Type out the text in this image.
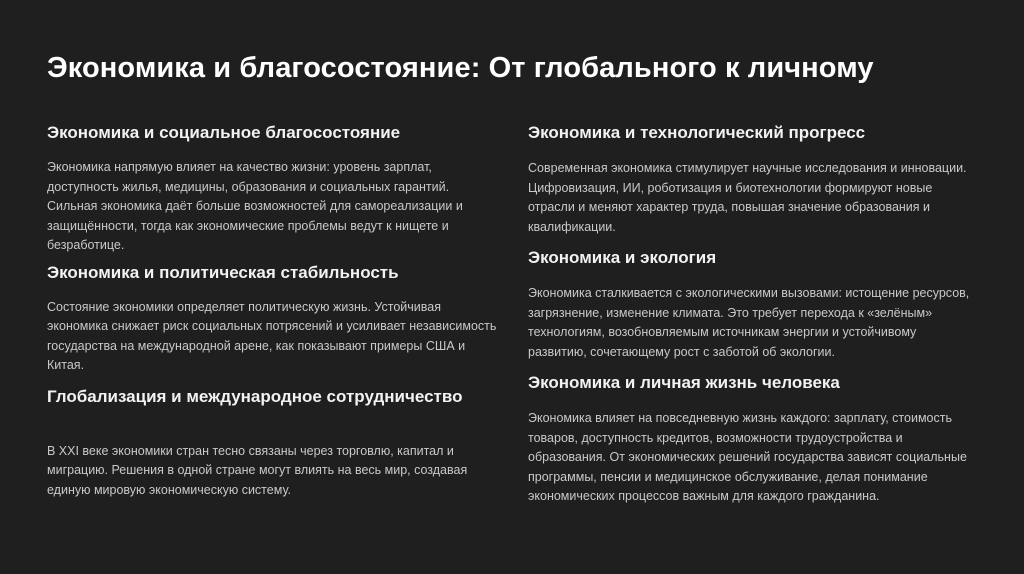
Экономика и благосостояние: От глобального к личному
Экономика и социальное благосостояние

Экономика напрямую влияет на качество жизни: уровень зарплат, доступность жилья, медицины, образования и социальных гарантий. Сильная экономика даёт больше возможностей для самореализации и защищённости, тогда как экономические проблемы ведут к нищете и безработице.

Экономика и политическая стабильность

Состояние экономики определяет политическую жизнь. Устойчивая экономика снижает риск социальных потрясений и усиливает независимость государства на международной арене, как показывают примеры США и Китая.

Глобализация и международное сотрудничество

В XXI веке экономики стран тесно связаны через торговлю, капитал и миграцию. Решения в одной стране могут влиять на весь мир, создавая единую мировую экономическую систему.

Экономика и технологический прогресс

Современная экономика стимулирует научные исследования и инновации. Цифровизация, ИИ, роботизация и биотехнологии формируют новые отрасли и меняют характер труда, повышая значение образования и квалификации.

Экономика и экология

Экономика сталкивается с экологическими вызовами: истощение ресурсов, загрязнение, изменение климата. Это требует перехода к «зелёным» технологиям, возобновляемым источникам энергии и устойчивому развитию, сочетающему рост с заботой об экологии.

Экономика и личная жизнь человека

Экономика влияет на повседневную жизнь каждого: зарплату, стоимость товаров, доступность кредитов, возможности трудоустройства и образования. От экономических решений государства зависят социальные программы, пенсии и медицинское обслуживание, делая понимание экономических процессов важным для каждого гражданина.
